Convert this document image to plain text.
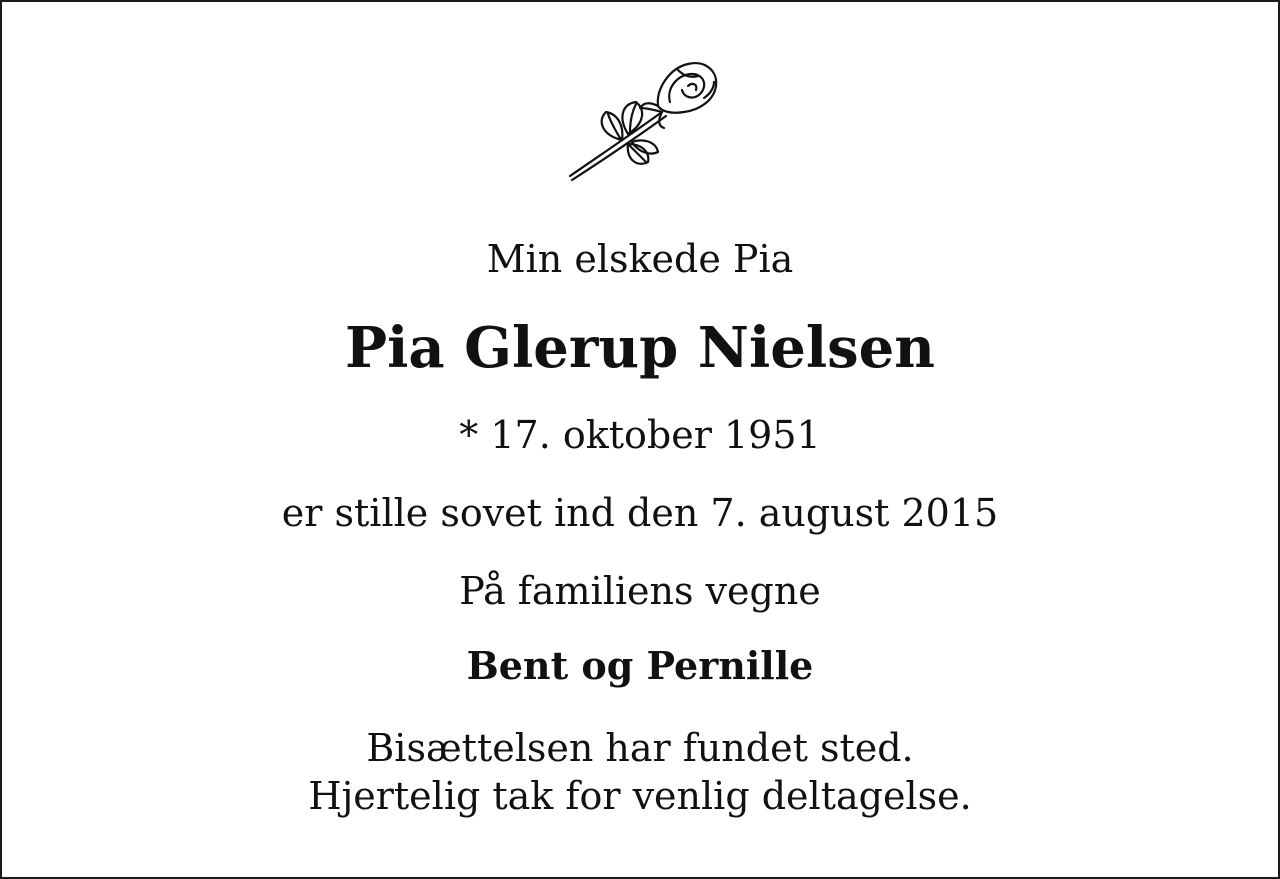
Min elskede Pia
Pia Glerup Nielsen
* 17. oktober 1951
er stille sovet ind den 7. august 2015
På familiens vegne
Bent og Pernille
Bisættelsen har fundet sted.
Hjertelig tak for venlig deltagelse.
